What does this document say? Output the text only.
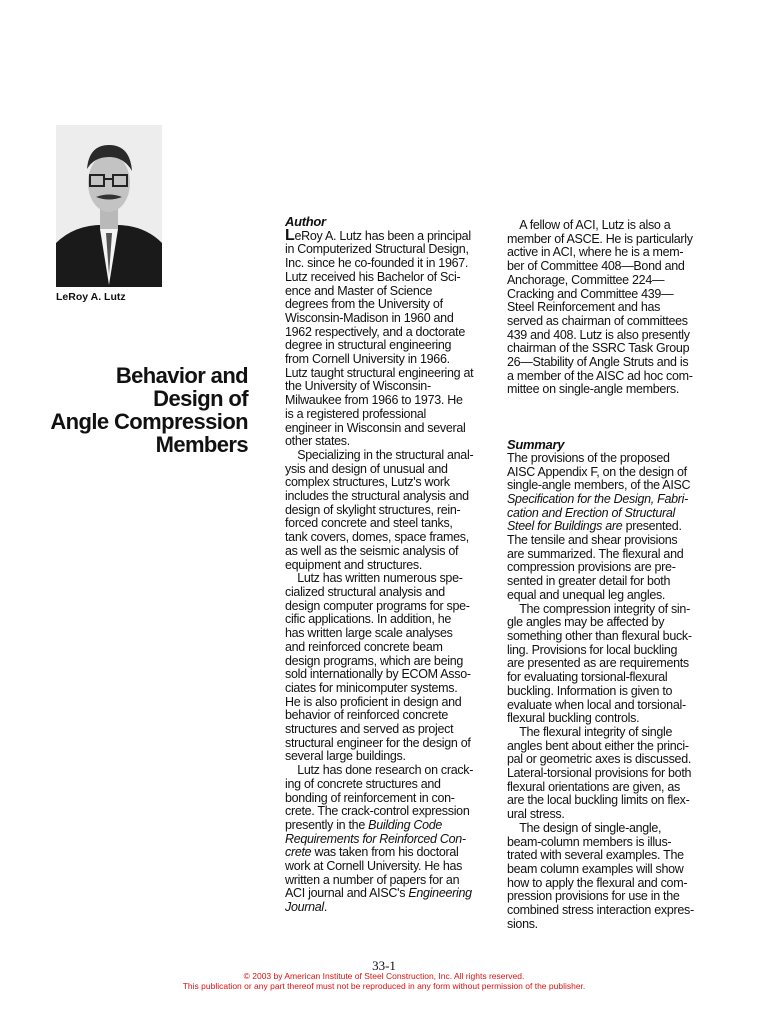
LeRoy A. Lutz
Behavior and
Design of
Angle Compression
Members
Author
LeRoy A. Lutz has been a principal
in Computerized Structural Design,
Inc. since he co-founded it in 1967.
Lutz received his Bachelor of Sci-
ence and Master of Science
degrees from the University of
Wisconsin-Madison in 1960 and
1962 respectively, and a doctorate
degree in structural engineering
from Cornell University in 1966.
Lutz taught structural engineering at
the University of Wisconsin-
Milwaukee from 1966 to 1973. He
is a registered professional
engineer in Wisconsin and several
other states.
 Specializing in the structural anal-
ysis and design of unusual and
complex structures, Lutz's work
includes the structural analysis and
design of skylight structures, rein-
forced concrete and steel tanks,
tank covers, domes, space frames,
as well as the seismic analysis of
equipment and structures.
 Lutz has written numerous spe-
cialized structural analysis and
design computer programs for spe-
cific applications. In addition, he
has written large scale analyses
and reinforced concrete beam
design programs, which are being
sold internationally by ECOM Asso-
ciates for minicomputer systems.
He is also proficient in design and
behavior of reinforced concrete
structures and served as project
structural engineer for the design of
several large buildings.
 Lutz has done research on crack-
ing of concrete structures and
bonding of reinforcement in con-
crete. The crack-control expression
presently in the Building Code
Requirements for Reinforced Con-
crete was taken from his doctoral
work at Cornell University. He has
written a number of papers for an
ACI journal and AISC's Engineering
Journal.
 A fellow of ACI, Lutz is also a
member of ASCE. He is particularly
active in ACI, where he is a mem-
ber of Committee 408—Bond and
Anchorage, Committee 224—
Cracking and Committee 439—
Steel Reinforcement and has
served as chairman of committees
439 and 408. Lutz is also presently
chairman of the SSRC Task Group
26—Stability of Angle Struts and is
a member of the AISC ad hoc com-
mittee on single-angle members.
Summary
The provisions of the proposed
AISC Appendix F, on the design of
single-angle members, of the AISC
Specification for the Design, Fabri-
cation and Erection of Structural
Steel for Buildings are presented.
The tensile and shear provisions
are summarized. The flexural and
compression provisions are pre-
sented in greater detail for both
equal and unequal leg angles.
 The compression integrity of sin-
gle angles may be affected by
something other than flexural buck-
ling. Provisions for local buckling
are presented as are requirements
for evaluating torsional-flexural
buckling. Information is given to
evaluate when local and torsional-
flexural buckling controls.
 The flexural integrity of single
angles bent about either the princi-
pal or geometric axes is discussed.
Lateral-torsional provisions for both
flexural orientations are given, as
are the local buckling limits on flex-
ural stress.
 The design of single-angle,
beam-column members is illus-
trated with several examples. The
beam column examples will show
how to apply the flexural and com-
pression provisions for use in the
combined stress interaction expres-
sions.
33-1
© 2003 by American Institute of Steel Construction, Inc. All rights reserved.
This publication or any part thereof must not be reproduced in any form without permission of the publisher.
